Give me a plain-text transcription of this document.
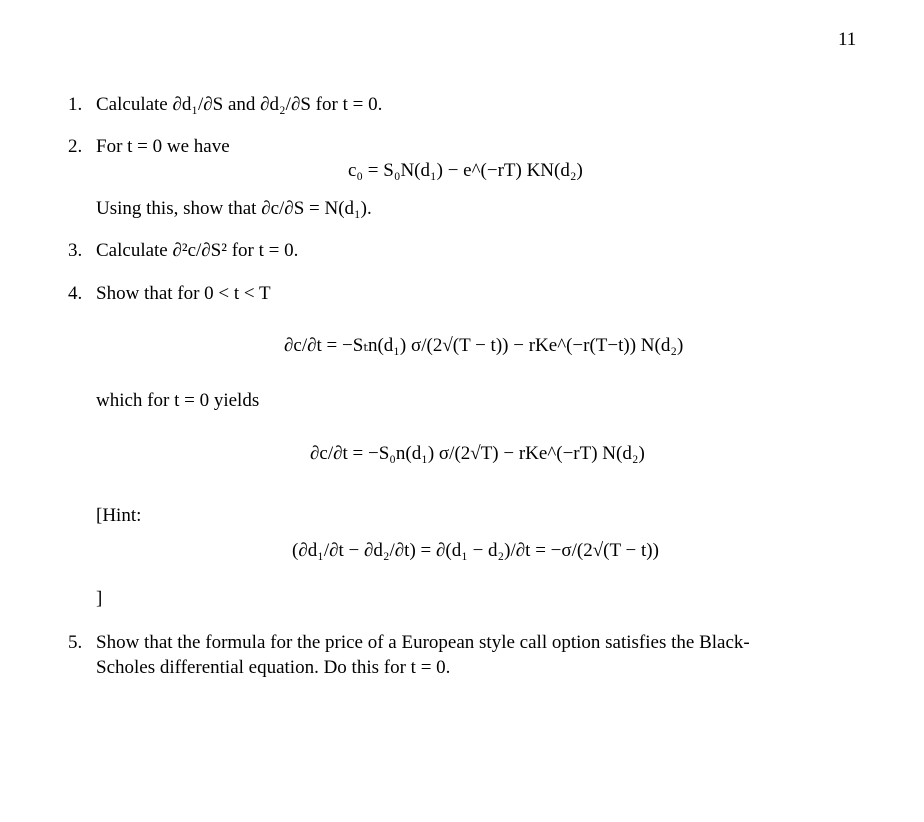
11
1. Calculate ∂d₁/∂S and ∂d₂/∂S for t = 0.
2. For t = 0 we have
c₀ = S₀N(d₁) − e^(−rT) KN(d₂)
Using this, show that ∂c/∂S = N(d₁).
3. Calculate ∂²c/∂S² for t = 0.
4. Show that for 0 < t < T
∂c/∂t = −Sₜn(d₁) σ/(2√(T − t)) − rKe^(−r(T−t)) N(d₂)
which for t = 0 yields
∂c/∂t = −S₀n(d₁) σ/(2√T) − rKe^(−rT) N(d₂)
[Hint:
(∂d₁/∂t − ∂d₂/∂t) = ∂(d₁ − d₂)/∂t = −σ/(2√(T − t))
]
5. Show that the formula for the price of a European style call option satisfies the Black-
Scholes differential equation. Do this for t = 0.
